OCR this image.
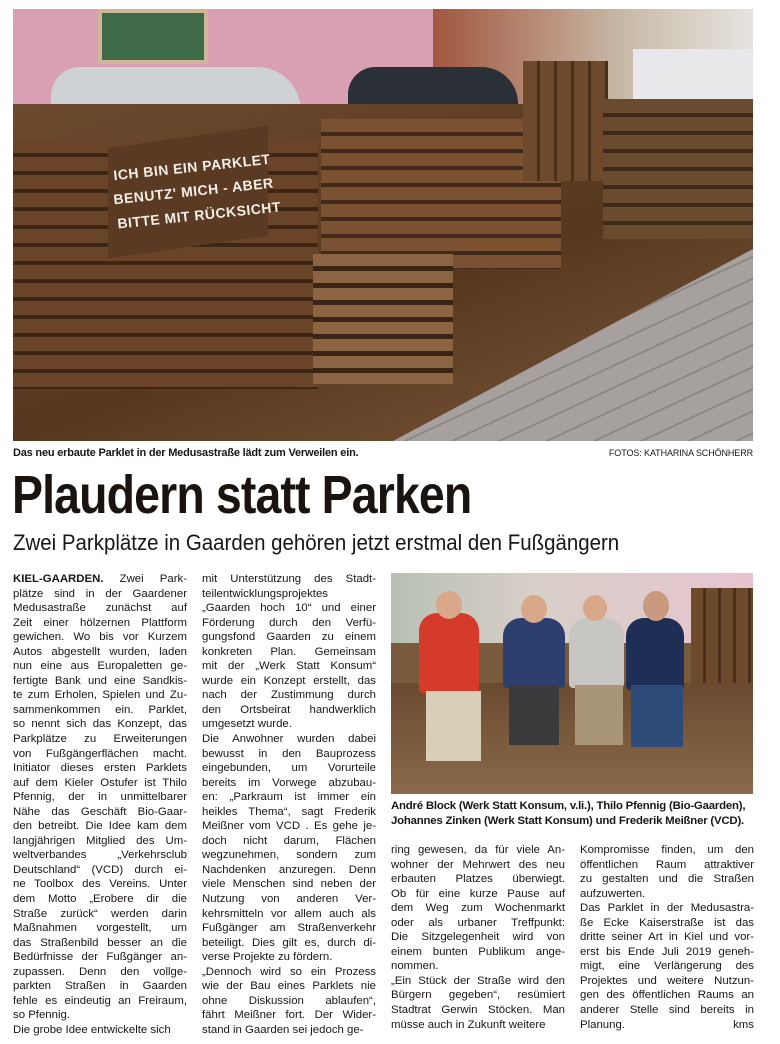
ICH BIN EIN PARKLET
BENUTZ' MICH - ABER
BITTE MIT RÜCKSICHT
Das neu erbaute Parklet in der Medusastraße lädt zum Verweilen ein.	FOTOS: KATHARINA SCHÖNHERR
Plaudern statt Parken
Zwei Parkplätze in Gaarden gehören jetzt erstmal den Fußgängern
André Block (Werk Statt Konsum, v.li.), Thilo Pfennig (Bio-Gaarden),
Johannes Zinken (Werk Statt Konsum) und Frederik Meißner (VCD).
KIEL-GAARDEN. Zwei Park-
plätze sind in der Gaardener
Medusastraße zunächst auf
Zeit einer hölzernen Plattform
gewichen. Wo bis vor Kurzem
Autos abgestellt wurden, laden
nun eine aus Europaletten ge-
fertigte Bank und eine Sandkis-
te zum Erholen, Spielen und Zu-
sammenkommen ein. Parklet,
so nennt sich das Konzept, das
Parkplätze zu Erweiterungen
von Fußgängerflächen macht.
Initiator dieses ersten Parklets
auf dem Kieler Ostufer ist Thilo
Pfennig, der in unmittelbarer
Nähe das Geschäft Bio-Gaar-
den betreibt. Die Idee kam dem
langjährigen Mitglied des Um-
weltverbandes „Verkehrsclub
Deutschland“ (VCD) durch ei-
ne Toolbox des Vereins. Unter
dem Motto „Erobere dir die
Straße zurück“ werden darin
Maßnahmen vorgestellt, um
das Straßenbild besser an die
Bedürfnisse der Fußgänger an-
zupassen. Denn den vollge-
parkten Straßen in Gaarden
fehle es eindeutig an Freiraum,
so Pfennig.
Die grobe Idee entwickelte sich
mit Unterstützung des Stadt-
teilentwicklungsprojektes
„Gaarden hoch 10“ und einer
Förderung durch den Verfü-
gungsfond Gaarden zu einem
konkreten Plan. Gemeinsam
mit der „Werk Statt Konsum“
wurde ein Konzept erstellt, das
nach der Zustimmung durch
den Ortsbeirat handwerklich
umgesetzt wurde.
Die Anwohner wurden dabei
bewusst in den Bauprozess
eingebunden, um Vorurteile
bereits im Vorwege abzubau-
en: „Parkraum ist immer ein
heikles Thema“, sagt Frederik
Meißner vom VCD . Es gehe je-
doch nicht darum, Flächen
wegzunehmen, sondern zum
Nachdenken anzuregen. Denn
viele Menschen sind neben der
Nutzung von anderen Ver-
kehrsmitteln vor allem auch als
Fußgänger am Straßenverkehr
beteiligt. Dies gilt es, durch di-
verse Projekte zu fördern.
„Dennoch wird so ein Prozess
wie der Bau eines Parklets nie
ohne Diskussion ablaufen“,
fährt Meißner fort. Der Wider-
stand in Gaarden sei jedoch ge-
ring gewesen, da für viele An-
wohner der Mehrwert des neu
erbauten Platzes überwiegt.
Ob für eine kurze Pause auf
dem Weg zum Wochenmarkt
oder als urbaner Treffpunkt:
Die Sitzgelegenheit wird von
einem bunten Publikum ange-
nommen.
„Ein Stück der Straße wird den
Bürgern gegeben“, resümiert
Stadtrat Gerwin Stöcken. Man
müsse auch in Zukunft weitere
Kompromisse finden, um den
öffentlichen Raum attraktiver
zu gestalten und die Straßen
aufzuwerten.
Das Parklet in der Medusastra-
ße Ecke Kaiserstraße ist das
dritte seiner Art in Kiel und vor-
erst bis Ende Juli 2019 geneh-
migt, eine Verlängerung des
Projektes und weitere Nutzun-
gen des öffentlichen Raums an
anderer Stelle sind bereits in
Planung. kms
